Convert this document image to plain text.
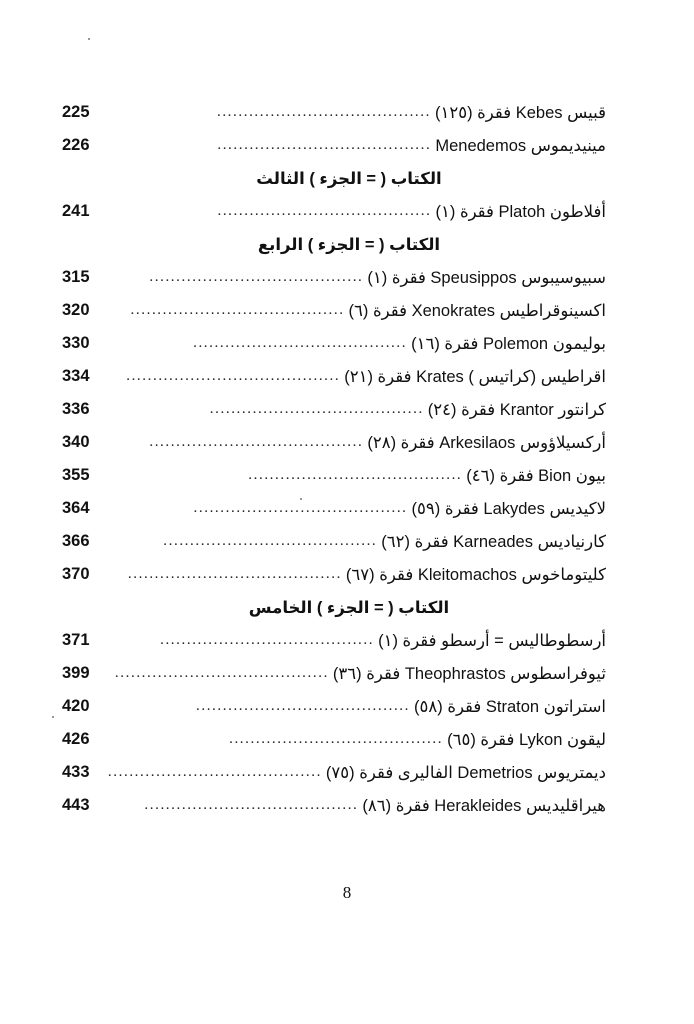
قبيس Kebes فقرة (١٢٥)
........................................
225
مينيديموس Menedemos
........................................
226
الكتاب ( = الجزء ) الثالث
أفلاطون Platoh فقرة (١)
........................................
241
الكتاب ( = الجزء ) الرابع
سبيوسيبوس Speusippos فقرة (١)
........................................
315
اكسينوقراطيس Xenokrates فقرة (٦)
........................................
320
بوليمون Polemon فقرة (١٦)
........................................
330
اقراطيس (كراتيس ) Krates فقرة (٢١)
........................................
334
كرانتور Krantor فقرة (٢٤)
........................................
336
أركسيلاؤوس Arkesilaos فقرة (٢٨)
........................................
340
بيون Bion فقرة (٤٦)
........................................
355
لاكيديس Lakydes فقرة (٥٩)
........................................
364
كارنياديس Karneades فقرة (٦٢)
........................................
366
كليتوماخوس Kleitomachos فقرة (٦٧)
........................................
370
الكتاب ( = الجزء ) الخامس
أرسطوطاليس = أرسطو فقرة (١)
........................................
371
ثيوفراسطوس Theophrastos فقرة (٣٦)
........................................
399
استراتون Straton فقرة (٥٨)
........................................
420
ليقون Lykon فقرة (٦٥)
........................................
426
ديمتريوس Demetrios الفاليرى فقرة (٧٥)
........................................
433
هيراقليديس Herakleides فقرة (٨٦)
........................................
443
8
